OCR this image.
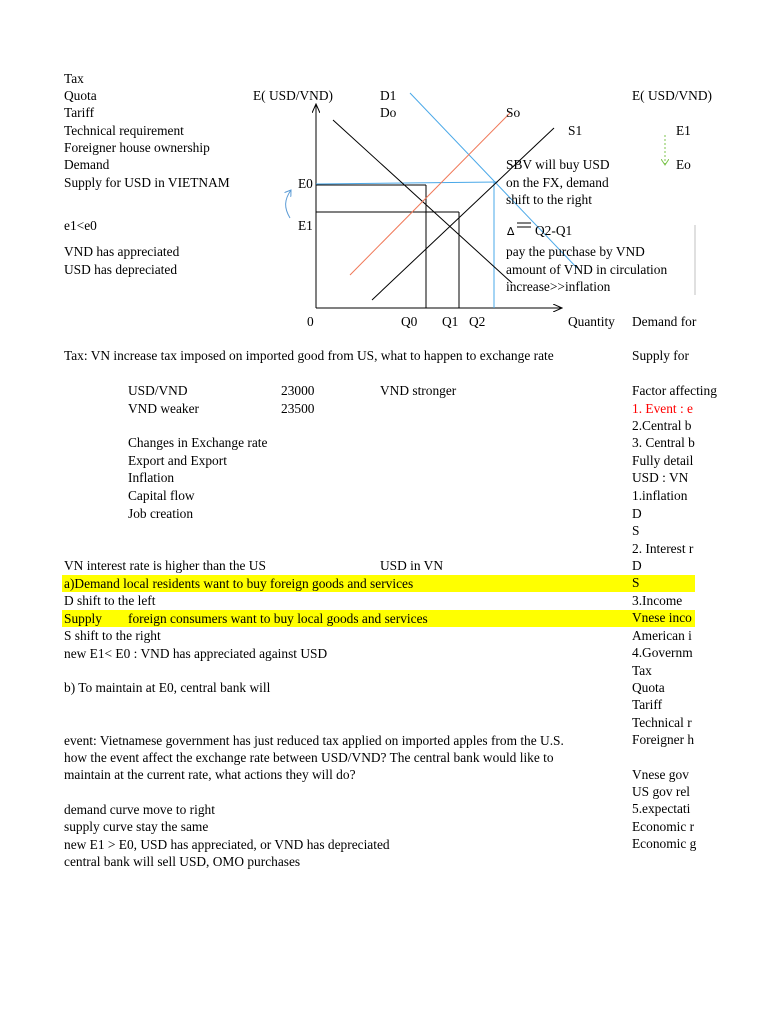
Tax
Quota
Tariff
Technical requirement
Foreigner house ownership
Demand
Supply for USD in VIETNAM
e1<e0
VND has appreciated
USD has depreciated
∆
E( USD/VND)
E0
E1
0	Q0 Q1 Q2	Quantity
D1
Do	So
S1
SBV will buy USD
on the FX, demand
shift to the right
Q2-Q1
pay the purchase by VND
amount of VND in circulation
increase>>inflation
E( USD/VND)
E1
Eo
Demand for
Supply for
Factor affecting
1. Event : e
2.Central b
3. Central b
Fully detail
USD : VN
1.inflation
D
S
2. Interest r
D
S
3.Income
Vnese inco
American i
4.Governm
Tax
Quota
Tariff
Technical r
Foreigner h
Vnese gov
US gov rel
5.expectati
Economic r
Economic g
Tax: VN increase tax imposed on imported good from US, what to happen to exchange rate
USD/VND	23000	VND stronger
VND weaker	23500
Changes in Exchange rate
Export and Export
Inflation
Capital flow
Job creation
VN interest rate is higher than the US	USD in VN
a)Demand local residents want to buy foreign goods and services
D shift to the left
Supply foreign consumers want to buy local goods and services
S shift to the right
new E1< E0 : VND has appreciated against USD
b) To maintain at E0, central bank will
event: Vietnamese government has just reduced tax applied on imported apples from the U.S.
how the event affect the exchange rate between USD/VND? The central bank would like to
maintain at the current rate, what actions they will do?
demand curve move to right
supply curve stay the same
new E1 > E0, USD has appreciated, or VND has depreciated
central bank will sell USD, OMO purchases
